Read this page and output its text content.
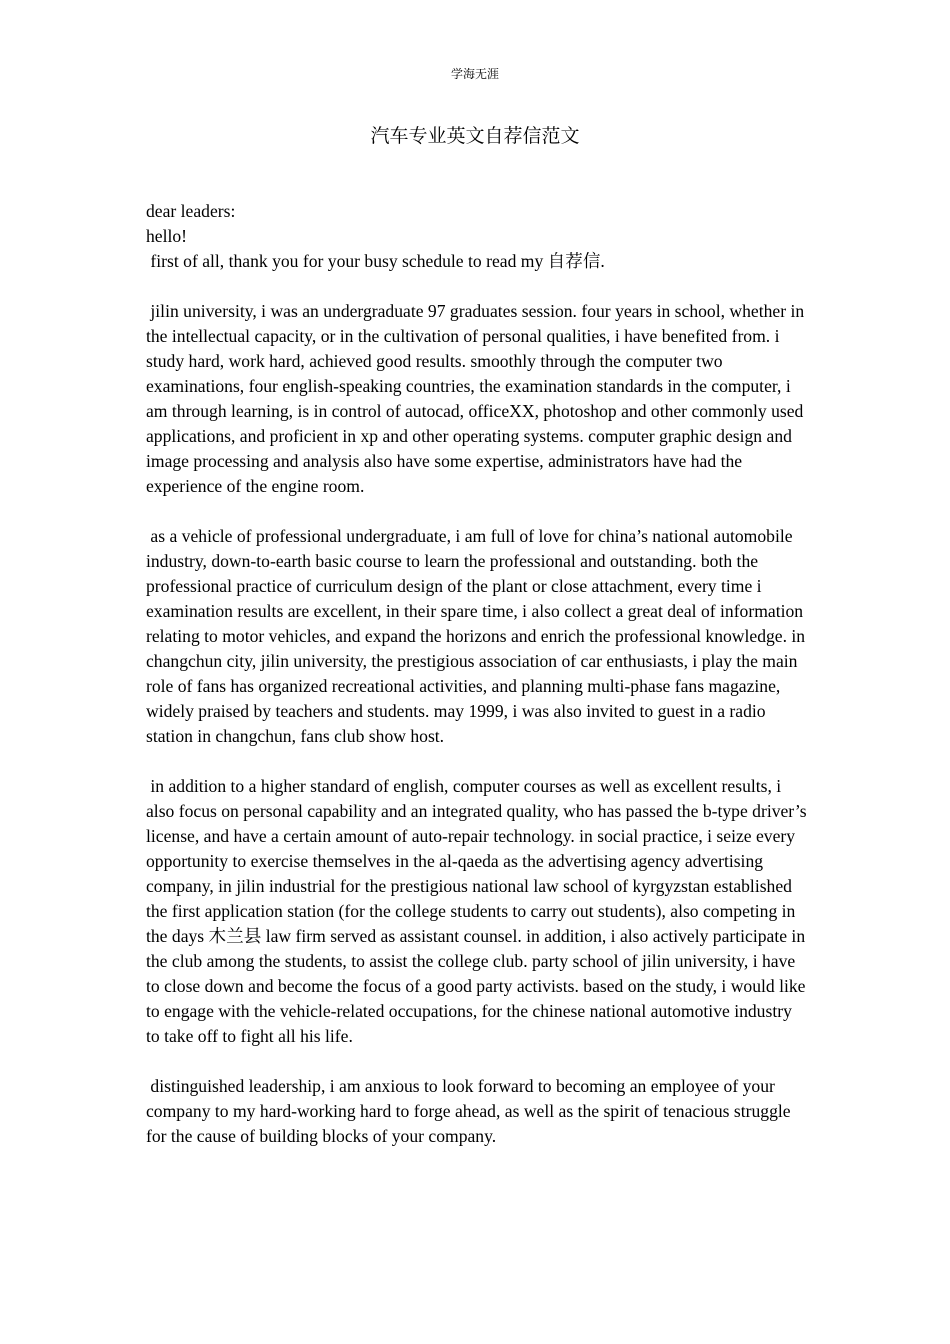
学海无涯
汽车专业英文自荐信范文
dear leaders:
hello!
first of all, thank you for your busy schedule to read my 自荐信.

jilin university, i was an undergraduate 97 graduates session. four years in school, whether in the intellectual capacity, or in the cultivation of personal qualities, i have benefited from. i study hard, work hard, achieved good results. smoothly through the computer two examinations, four english-speaking countries, the examination standards in the computer, i am through learning, is in control of autocad, officeXX, photoshop and other commonly used applications, and proficient in xp and other operating systems. computer graphic design and image processing and analysis also have some expertise, administrators have had the experience of the engine room.

as a vehicle of professional undergraduate, i am full of love for china’s national automobile industry, down-to-earth basic course to learn the professional and outstanding. both the professional practice of curriculum design of the plant or close attachment, every time i examination results are excellent, in their spare time, i also collect a great deal of information relating to motor vehicles, and expand the horizons and enrich the professional knowledge. in changchun city, jilin university, the prestigious association of car enthusiasts, i play the main role of fans has organized recreational activities, and planning multi-phase fans magazine, widely praised by teachers and students. may 1999, i was also invited to guest in a radio station in changchun, fans club show host.

in addition to a higher standard of english, computer courses as well as excellent results, i also focus on personal capability and an integrated quality, who has passed the b-type driver’s license, and have a certain amount of auto-repair technology. in social practice, i seize every opportunity to exercise themselves in the al-qaeda as the advertising agency advertising company, in jilin industrial for the prestigious national law school of kyrgyzstan established the first application station (for the college students to carry out students), also competing in the days 木兰县 law firm served as assistant counsel. in addition, i also actively participate in the club among the students, to assist the college club. party school of jilin university, i have to close down and become the focus of a good party activists. based on the study, i would like to engage with the vehicle-related occupations, for the chinese national automotive industry to take off to fight all his life.

distinguished leadership, i am anxious to look forward to becoming an employee of your company to my hard-working hard to forge ahead, as well as the spirit of tenacious struggle for the cause of building blocks of your company.
